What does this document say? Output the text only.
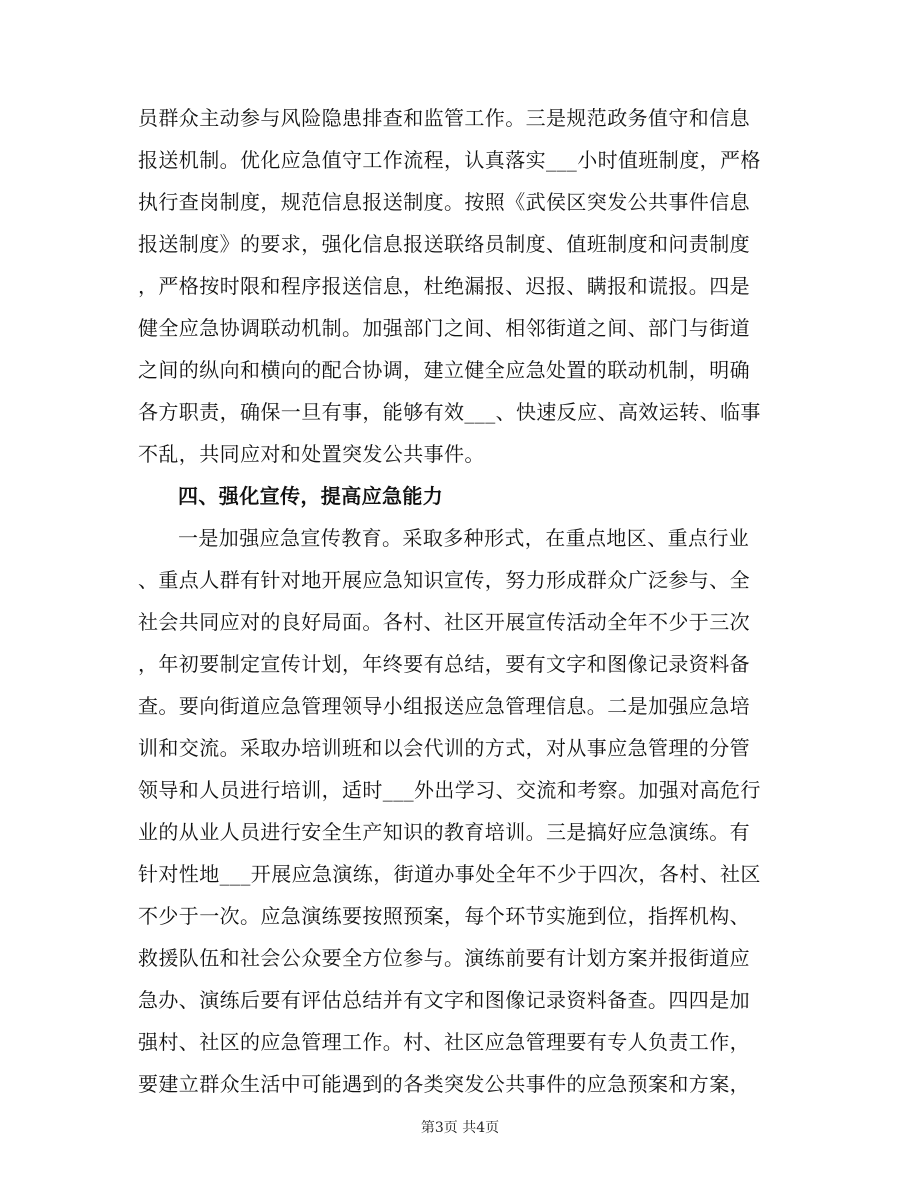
员群众主动参与风险隐患排查和监管工作。三是规范政务值守和信息
报送机制。优化应急值守工作流程，认真落实___小时值班制度，严格
执行查岗制度，规范信息报送制度。按照《武侯区突发公共事件信息
报送制度》的要求，强化信息报送联络员制度、值班制度和问责制度
，严格按时限和程序报送信息，杜绝漏报、迟报、瞒报和谎报。四是
健全应急协调联动机制。加强部门之间、相邻街道之间、部门与街道
之间的纵向和横向的配合协调，建立健全应急处置的联动机制，明确
各方职责，确保一旦有事，能够有效___、快速反应、高效运转、临事
不乱，共同应对和处置突发公共事件。
四、强化宣传，提高应急能力
一是加强应急宣传教育。采取多种形式，在重点地区、重点行业
、重点人群有针对地开展应急知识宣传，努力形成群众广泛参与、全
社会共同应对的良好局面。各村、社区开展宣传活动全年不少于三次
，年初要制定宣传计划，年终要有总结，要有文字和图像记录资料备
查。要向街道应急管理领导小组报送应急管理信息。二是加强应急培
训和交流。采取办培训班和以会代训的方式，对从事应急管理的分管
领导和人员进行培训，适时___外出学习、交流和考察。加强对高危行
业的从业人员进行安全生产知识的教育培训。三是搞好应急演练。有
针对性地___开展应急演练，街道办事处全年不少于四次，各村、社区
不少于一次。应急演练要按照预案，每个环节实施到位，指挥机构、
救援队伍和社会公众要全方位参与。演练前要有计划方案并报街道应
急办、演练后要有评估总结并有文字和图像记录资料备查。四四是加
强村、社区的应急管理工作。村、社区应急管理要有专人负责工作，
要建立群众生活中可能遇到的各类突发公共事件的应急预案和方案，
第3页 共4页
